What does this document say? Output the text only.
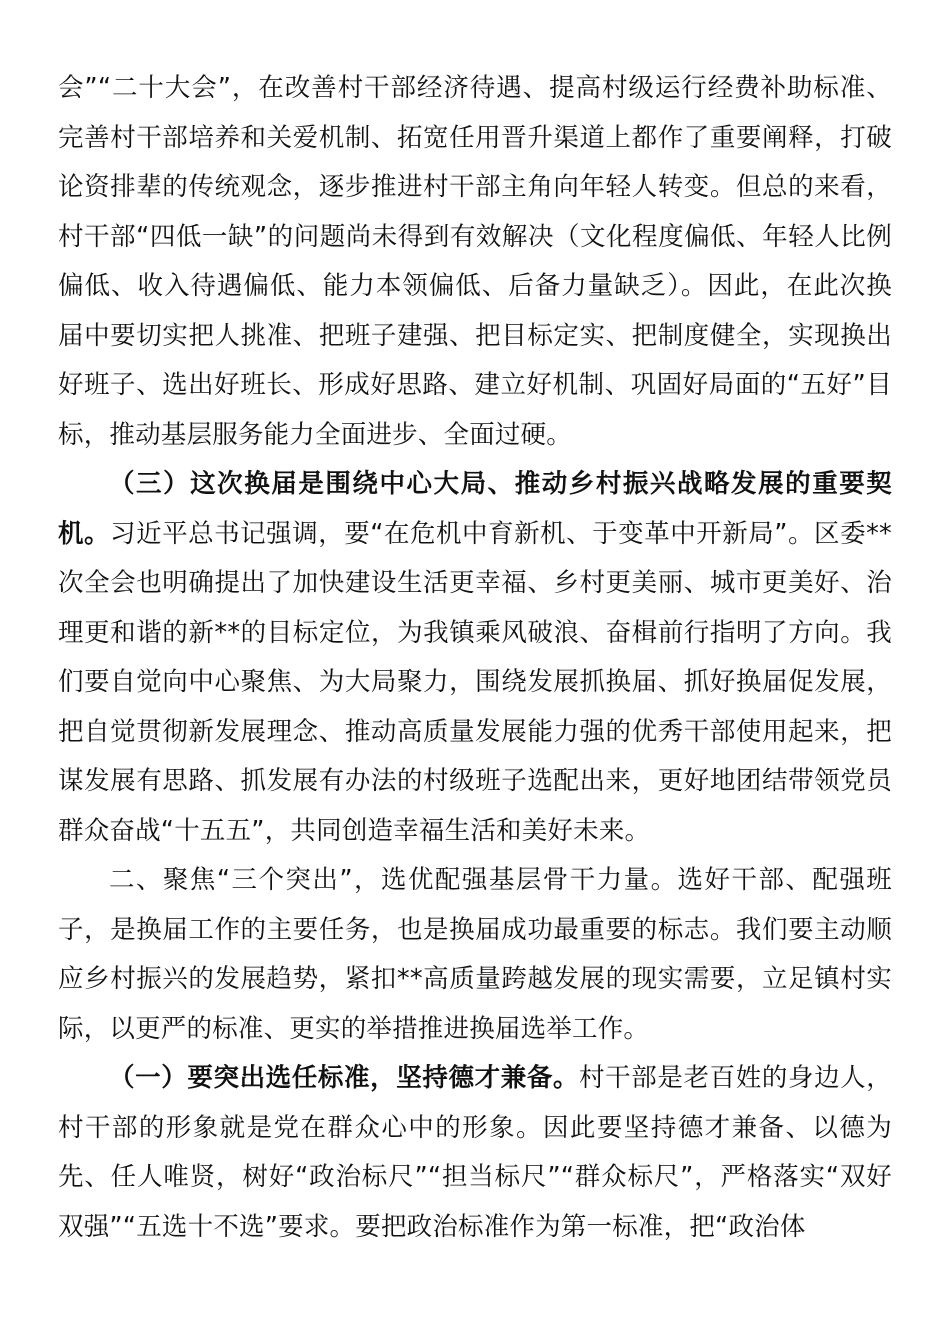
会”“二十大会”，在改善村干部经济待遇、提高村级运行经费补助标准、完善村干部培养和关爱机制、拓宽任用晋升渠道上都作了重要阐释，打破论资排辈的传统观念，逐步推进村干部主角向年轻人转变。但总的来看，村干部“四低一缺”的问题尚未得到有效解决（文化程度偏低、年轻人比例偏低、收入待遇偏低、能力本领偏低、后备力量缺乏）。因此，在此次换届中要切实把人挑准、把班子建强、把目标定实、把制度健全，实现换出好班子、选出好班长、形成好思路、建立好机制、巩固好局面的“五好”目标，推动基层服务能力全面进步、全面过硬。

（三）这次换届是围绕中心大局、推动乡村振兴战略发展的重要契机。习近平总书记强调，要“在危机中育新机、于变革中开新局”。区委**次全会也明确提出了加快建设生活更幸福、乡村更美丽、城市更美好、治理更和谐的新**的目标定位，为我镇乘风破浪、奋楫前行指明了方向。我们要自觉向中心聚焦、为大局聚力，围绕发展抓换届、抓好换届促发展，把自觉贯彻新发展理念、推动高质量发展能力强的优秀干部使用起来，把谋发展有思路、抓发展有办法的村级班子选配出来，更好地团结带领党员群众奋战“十五五”，共同创造幸福生活和美好未来。

二、聚焦“三个突出”，选优配强基层骨干力量。选好干部、配强班子，是换届工作的主要任务，也是换届成功最重要的标志。我们要主动顺应乡村振兴的发展趋势，紧扣**高质量跨越发展的现实需要，立足镇村实际，以更严的标准、更实的举措推进换届选举工作。

（一）要突出选任标准，坚持德才兼备。村干部是老百姓的身边人，村干部的形象就是党在群众心中的形象。因此要坚持德才兼备、以德为先、任人唯贤，树好“政治标尺”“担当标尺”“群众标尺”，严格落实“双好双强”“五选十不选”要求。要把政治标准作为第一标准，把“政治体
